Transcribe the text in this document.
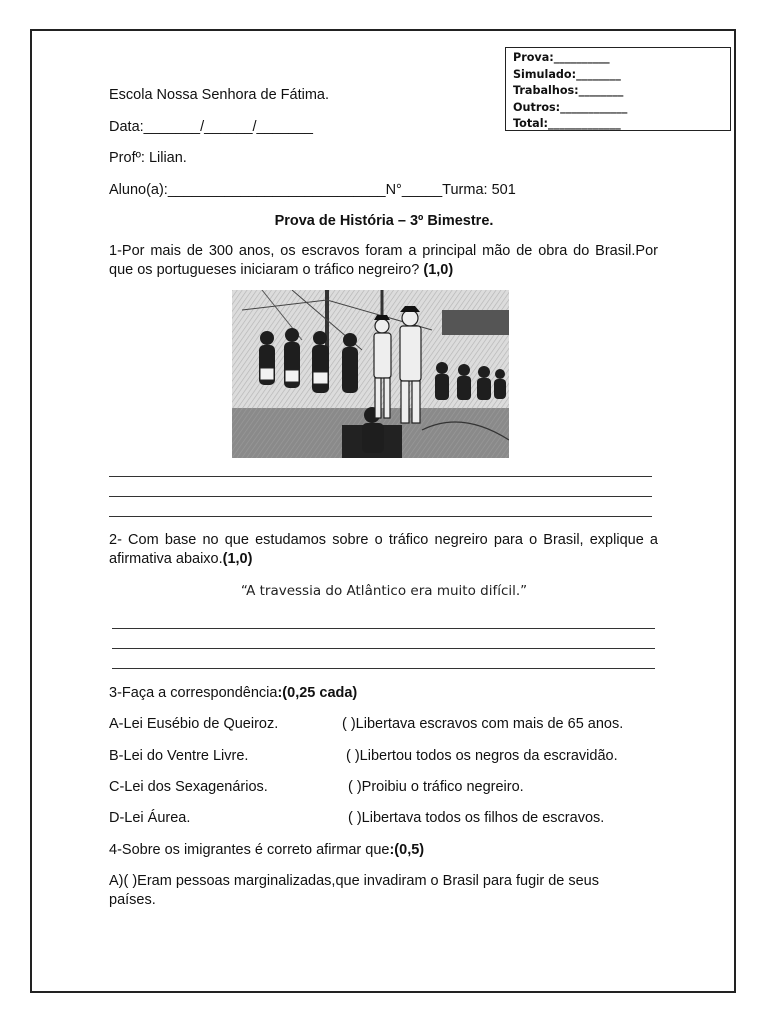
Prova:__________
Simulado:________
Trabalhos:________
Outros:____________
Total:_____________
Escola Nossa Senhora de Fátima.
Data:_______/______/_______
Profº: Lilian.
Aluno(a):___________________________N°_____Turma: 501
Prova de História – 3º Bimestre.
1-Por mais de 300 anos, os escravos foram a principal mão de obra do Brasil.Por que os portugueses iniciaram o tráfico negreiro? (1,0)
2- Com base no que estudamos sobre o tráfico negreiro para o Brasil, explique a afirmativa abaixo.(1,0)
“A travessia do Atlântico era muito difícil.”
3-Faça a correspondência:(0,25 cada)
A-Lei Eusébio de Queiroz.	( )Libertava escravos com mais de 65 anos.
B-Lei do Ventre Livre.	( )Libertou todos os negros da escravidão.
C-Lei dos Sexagenários.	( )Proibiu o tráfico negreiro.
D-Lei Áurea.	( )Libertava todos os filhos de escravos.
4-Sobre os imigrantes é correto afirmar que:(0,5)
A)( )Eram pessoas marginalizadas,que invadiram o Brasil para fugir de seus países.
